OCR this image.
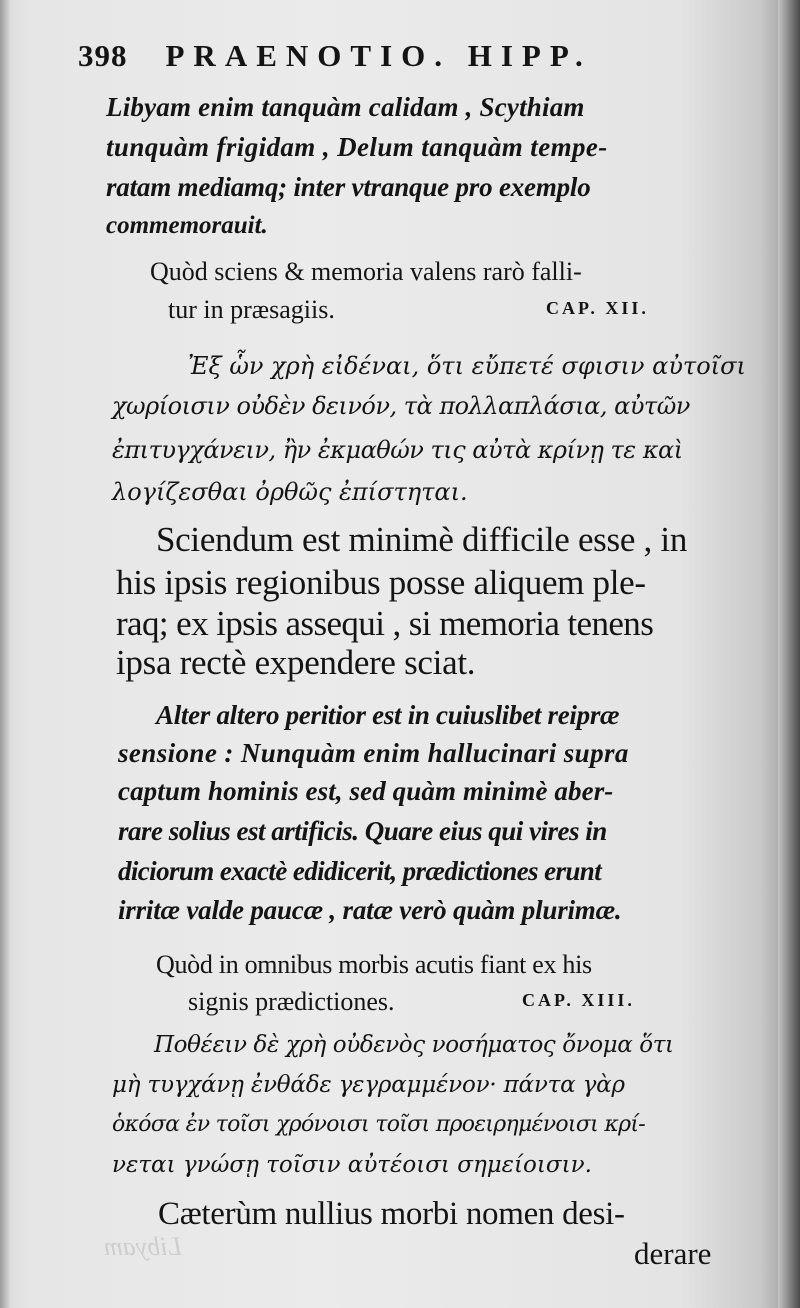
398 PRAENOTIO. HIPP.
Libyam enim tanquàm calidam , Scythiam
tunquàm frigidam , Delum tanquàm tempe-
ratam mediamq; inter vtranque pro exemplo
commemorauit.
Quòd sciens & memoria valens rarò falli-
tur in præsagiis.	CAP. XII.
Ἐξ ὧν χρὴ εἰδέναι, ὅτι εὔπετέ σφισιν αὐτοῖσι
χωρίοισιν οὐδὲν δεινόν, τὰ πολλαπλάσια, αὐτῶν
ἐπιτυγχάνειν, ἢν ἐκμαθών τις αὐτὰ κρίνῃ τε καὶ
λογίζεσθαι ὀρθῶς ἐπίστηται.
Sciendum est minimè difficile esse , in
his ipsis regionibus posse aliquem ple-
raq; ex ipsis assequi , si memoria tenens
ipsa rectè expendere sciat.
Alter altero peritior est in cuiuslibet reipræ
sensione : Nunquàm enim hallucinari supra
captum hominis est, sed quàm minimè aber-
rare solius est artificis. Quare eius qui vires in
diciorum exactè edidicerit, prædictiones erunt
irritæ valde paucæ , ratæ verò quàm plurimæ.
Quòd in omnibus morbis acutis fiant ex his
signis prædictiones.	CAP. XIII.
Ποθέειν δὲ χρὴ οὐδενὸς νοσήματος ὄνομα ὅτι
μὴ τυγχάνῃ ἐνθάδε γεγραμμένον· πάντα γὰρ
ὁκόσα ἐν τοῖσι χρόνοισι τοῖσι προειρημένοισι κρί-
νεται γνώσῃ τοῖσιν αὐτέοισι σημείοισιν.
Cæterùm nullius morbi nomen desi-
derare
Libyam
